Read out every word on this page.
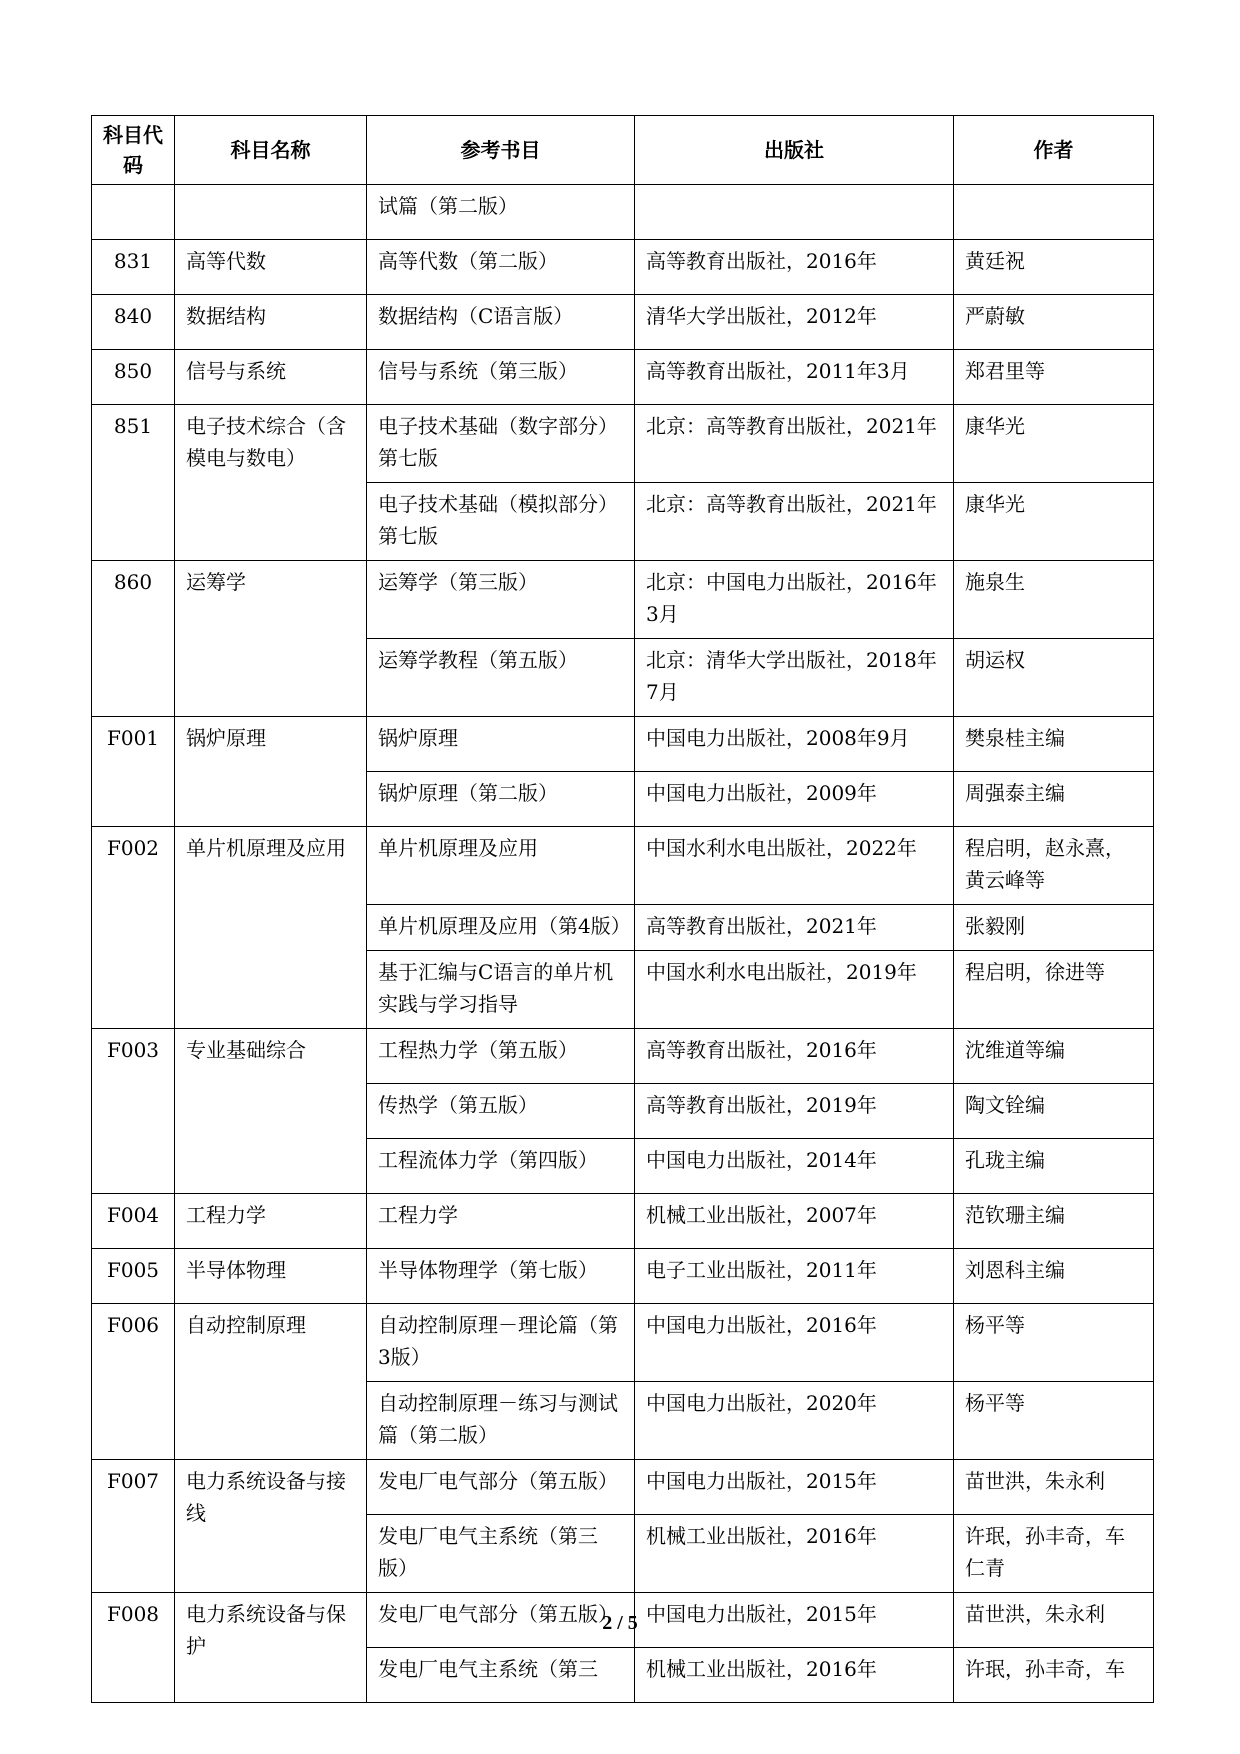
科目代码	科目名称	参考书目	出版社	作者
		试篇（第二版）		
831	高等代数	高等代数（第二版）	高等教育出版社，2016年	黄廷祝
840	数据结构	数据结构（C语言版）	清华大学出版社，2012年	严蔚敏
850	信号与系统	信号与系统（第三版）	高等教育出版社，2011年3月	郑君里等
851	电子技术综合（含模电与数电）	电子技术基础（数字部分）第七版	北京：高等教育出版社，2021年	康华光
		电子技术基础（模拟部分）第七版	北京：高等教育出版社，2021年	康华光
860	运筹学	运筹学（第三版）	北京：中国电力出版社，2016年3月	施泉生
		运筹学教程（第五版）	北京：清华大学出版社，2018年7月	胡运权
F001	锅炉原理	锅炉原理	中国电力出版社，2008年9月	樊泉桂主编
		锅炉原理（第二版）	中国电力出版社，2009年	周强泰主编
F002	单片机原理及应用	单片机原理及应用	中国水利水电出版社，2022年	程启明，赵永熹，黄云峰等
		单片机原理及应用（第4版）	高等教育出版社，2021年	张毅刚
		基于汇编与C语言的单片机实践与学习指导	中国水利水电出版社，2019年	程启明，徐进等
F003	专业基础综合	工程热力学（第五版）	高等教育出版社，2016年	沈维道等编
		传热学（第五版）	高等教育出版社，2019年	陶文铨编
		工程流体力学（第四版）	中国电力出版社，2014年	孔珑主编
F004	工程力学	工程力学	机械工业出版社，2007年	范钦珊主编
F005	半导体物理	半导体物理学（第七版）	电子工业出版社，2011年	刘恩科主编
F006	自动控制原理	自动控制原理－理论篇（第3版）	中国电力出版社，2016年	杨平等
		自动控制原理－练习与测试篇（第二版）	中国电力出版社，2020年	杨平等
F007	电力系统设备与接线	发电厂电气部分（第五版）	中国电力出版社，2015年	苗世洪，朱永利
		发电厂电气主系统（第三版）	机械工业出版社，2016年	许珉，孙丰奇，车仁青
F008	电力系统设备与保护	发电厂电气部分（第五版）	中国电力出版社，2015年	苗世洪，朱永利
		发电厂电气主系统（第三	机械工业出版社，2016年	许珉，孙丰奇，车
2 / 5
